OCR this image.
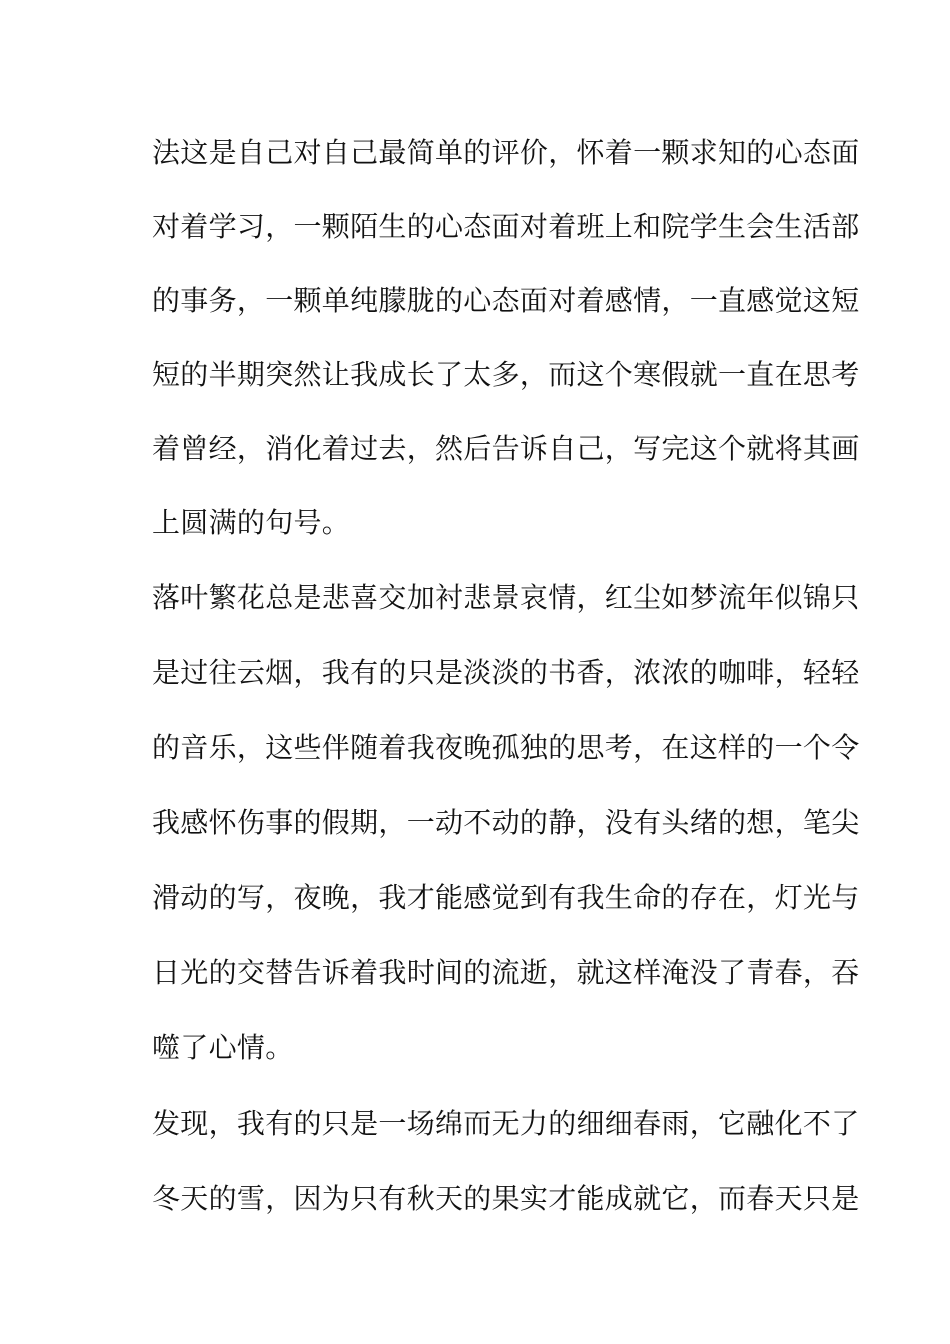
法这是自己对自己最简单的评价，怀着一颗求知的心态面
对着学习，一颗陌生的心态面对着班上和院学生会生活部
的事务，一颗单纯朦胧的心态面对着感情，一直感觉这短
短的半期突然让我成长了太多，而这个寒假就一直在思考
着曾经，消化着过去，然后告诉自己，写完这个就将其画
上圆满的句号。
落叶繁花总是悲喜交加衬悲景哀情，红尘如梦流年似锦只
是过往云烟，我有的只是淡淡的书香，浓浓的咖啡，轻轻
的音乐，这些伴随着我夜晚孤独的思考，在这样的一个令
我感怀伤事的假期，一动不动的静，没有头绪的想，笔尖
滑动的写，夜晚，我才能感觉到有我生命的存在，灯光与
日光的交替告诉着我时间的流逝，就这样淹没了青春，吞
噬了心情。
发现，我有的只是一场绵而无力的细细春雨，它融化不了
冬天的雪，因为只有秋天的果实才能成就它，而春天只是
